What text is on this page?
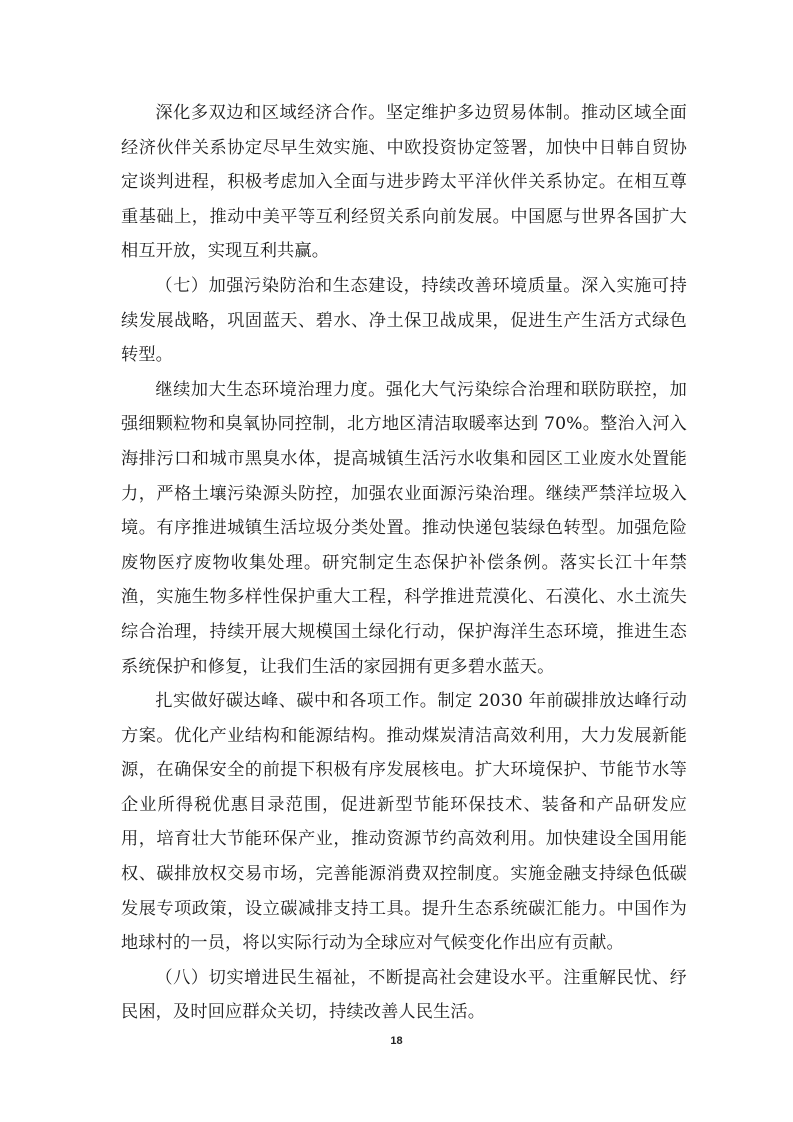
深化多双边和区域经济合作。坚定维护多边贸易体制。推动区域全面经济伙伴关系协定尽早生效实施、中欧投资协定签署，加快中日韩自贸协定谈判进程，积极考虑加入全面与进步跨太平洋伙伴关系协定。在相互尊重基础上，推动中美平等互利经贸关系向前发展。中国愿与世界各国扩大相互开放，实现互利共赢。

（七）加强污染防治和生态建设，持续改善环境质量。深入实施可持续发展战略，巩固蓝天、碧水、净土保卫战成果，促进生产生活方式绿色转型。

继续加大生态环境治理力度。强化大气污染综合治理和联防联控，加强细颗粒物和臭氧协同控制，北方地区清洁取暖率达到 70%。整治入河入海排污口和城市黑臭水体，提高城镇生活污水收集和园区工业废水处置能力，严格土壤污染源头防控，加强农业面源污染治理。继续严禁洋垃圾入境。有序推进城镇生活垃圾分类处置。推动快递包装绿色转型。加强危险废物医疗废物收集处理。研究制定生态保护补偿条例。落实长江十年禁渔，实施生物多样性保护重大工程，科学推进荒漠化、石漠化、水土流失综合治理，持续开展大规模国土绿化行动，保护海洋生态环境，推进生态系统保护和修复，让我们生活的家园拥有更多碧水蓝天。

扎实做好碳达峰、碳中和各项工作。制定 2030 年前碳排放达峰行动方案。优化产业结构和能源结构。推动煤炭清洁高效利用，大力发展新能源，在确保安全的前提下积极有序发展核电。扩大环境保护、节能节水等企业所得税优惠目录范围，促进新型节能环保技术、装备和产品研发应用，培育壮大节能环保产业，推动资源节约高效利用。加快建设全国用能权、碳排放权交易市场，完善能源消费双控制度。实施金融支持绿色低碳发展专项政策，设立碳减排支持工具。提升生态系统碳汇能力。中国作为地球村的一员，将以实际行动为全球应对气候变化作出应有贡献。

（八）切实增进民生福祉，不断提高社会建设水平。注重解民忧、纾民困，及时回应群众关切，持续改善人民生活。

18
